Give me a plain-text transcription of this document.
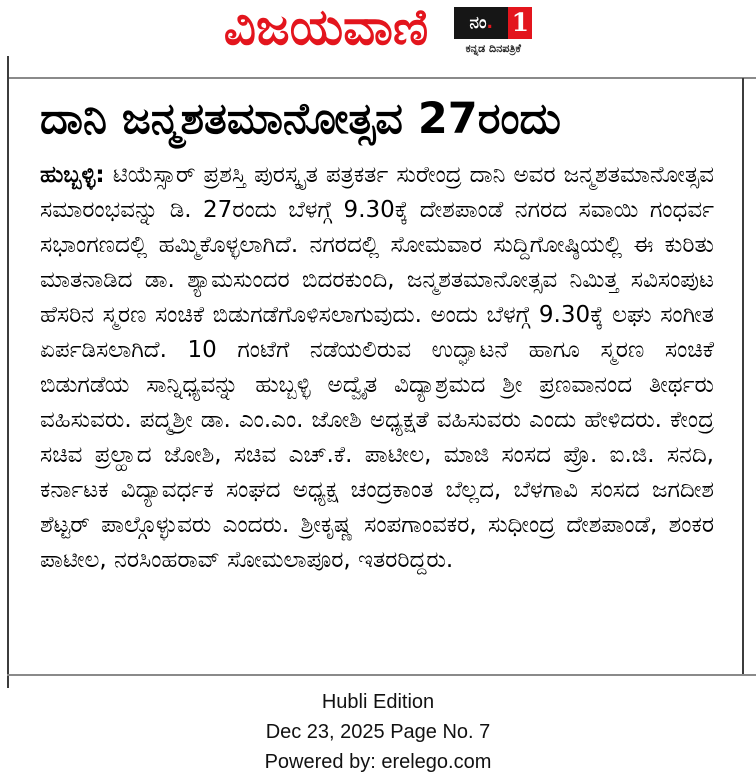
ವಿಜಯವಾಣಿ	ನಂ. 1
ಕನ್ನಡ ದಿನಪತ್ರಿಕೆ
ದಾನಿ ಜನ್ಮಶತಮಾನೋತ್ಸವ 27ರಂದು

ಹುಬ್ಬಳ್ಳಿ: ಟಿಯೆಸ್ಸಾರ್ ಪ್ರಶಸ್ತಿ ಪುರಸ್ಕೃತ ಪತ್ರಕರ್ತ ಸುರೇಂದ್ರ ದಾನಿ ಅವರ ಜನ್ಮಶತಮಾನೋತ್ಸವ ಸಮಾರಂಭವನ್ನು ಡಿ. 27ರಂದು ಬೆಳಗ್ಗೆ 9.30ಕ್ಕೆ ದೇಶಪಾಂಡೆ ನಗರದ ಸವಾಯಿ ಗಂಧರ್ವ ಸಭಾಂಗಣದಲ್ಲಿ ಹಮ್ಮಿಕೊಳ್ಳಲಾಗಿದೆ. ನಗರದಲ್ಲಿ ಸೋಮವಾರ ಸುದ್ದಿಗೋಷ್ಠಿಯಲ್ಲಿ ಈ ಕುರಿತು ಮಾತನಾಡಿದ ಡಾ. ಶ್ಯಾಮಸುಂದರ ಬಿದರಕುಂದಿ, ಜನ್ಮಶತಮಾನೋತ್ಸವ ನಿಮಿತ್ತ ಸವಿಸಂಪುಟ ಹೆಸರಿನ ಸ್ಮರಣ ಸಂಚಿಕೆ ಬಿಡುಗಡೆಗೊಳಿಸಲಾಗುವುದು. ಅಂದು ಬೆಳಗ್ಗೆ 9.30ಕ್ಕೆ ಲಘು ಸಂಗೀತ ಏರ್ಪಡಿಸಲಾಗಿದೆ. 10 ಗಂಟೆಗೆ ನಡೆಯಲಿರುವ ಉದ್ಘಾಟನೆ ಹಾಗೂ ಸ್ಮರಣ ಸಂಚಿಕೆ ಬಿಡುಗಡೆಯ ಸಾನ್ನಿಧ್ಯವನ್ನು ಹುಬ್ಬಳ್ಳಿ ಅದ್ವೈತ ವಿದ್ಯಾಶ್ರಮದ ಶ್ರೀ ಪ್ರಣವಾನಂದ ತೀರ್ಥರು ವಹಿಸುವರು. ಪದ್ಮಶ್ರೀ ಡಾ. ಎಂ.ಎಂ. ಜೋಶಿ ಅಧ್ಯಕ್ಷತೆ ವಹಿಸುವರು ಎಂದು ಹೇಳಿದರು. ಕೇಂದ್ರ ಸಚಿವ ಪ್ರಲ್ಹಾದ ಜೋಶಿ, ಸಚಿವ ಎಚ್.ಕೆ. ಪಾಟೀಲ, ಮಾಜಿ ಸಂಸದ ಪ್ರೊ. ಐ.ಜಿ. ಸನದಿ, ಕರ್ನಾಟಕ ವಿದ್ಯಾವರ್ಧಕ ಸಂಘದ ಅಧ್ಯಕ್ಷ ಚಂದ್ರಕಾಂತ ಬೆಲ್ಲದ, ಬೆಳಗಾವಿ ಸಂಸದ ಜಗದೀಶ ಶೆಟ್ಟರ್ ಪಾಲ್ಗೊಳ್ಳುವರು ಎಂದರು. ಶ್ರೀಕೃಷ್ಣ ಸಂಪಗಾಂವಕರ, ಸುಧೀಂದ್ರ ದೇಶಪಾಂಡೆ, ಶಂಕರ ಪಾಟೀಲ, ನರಸಿಂಹರಾವ್ ಸೋಮಲಾಪೂರ, ಇತರರಿದ್ದರು.

Hubli Edition
Dec 23, 2025 Page No. 7
Powered by: erelego.com
